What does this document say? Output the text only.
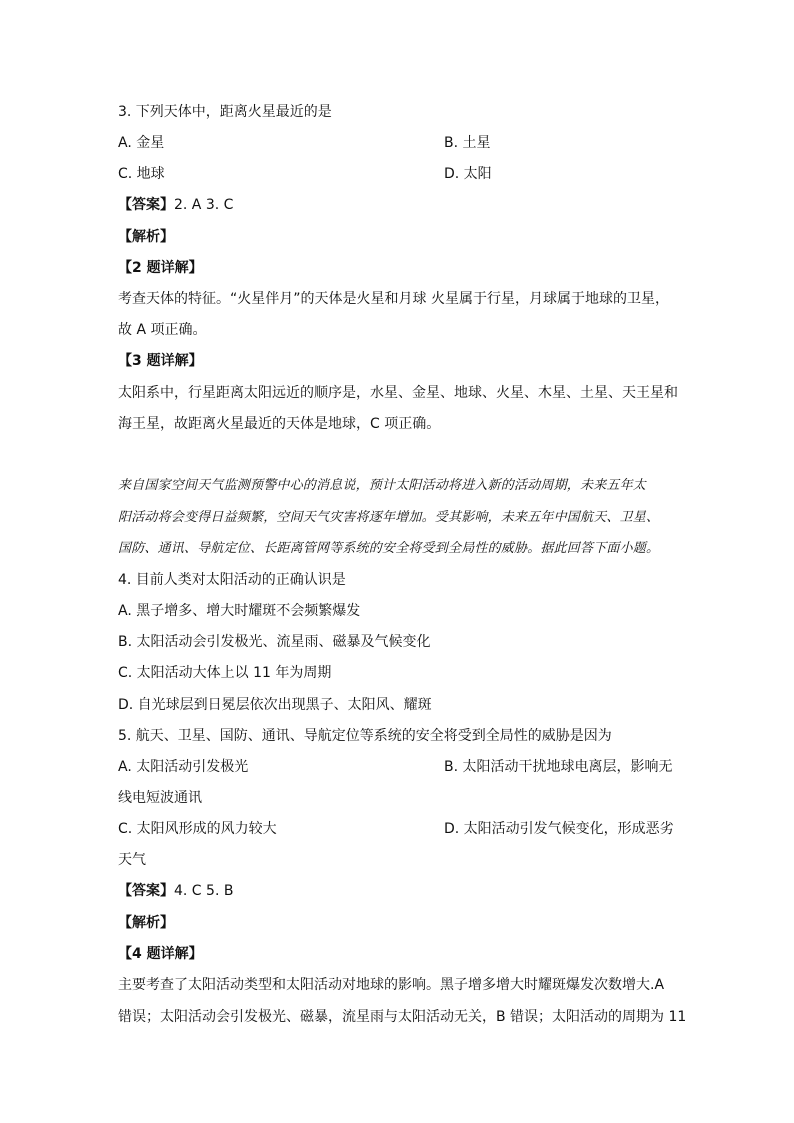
3. 下列天体中，距离火星最近的是
A. 金星	B. 土星
C. 地球	D. 太阳
【答案】2. A 3. C
【解析】
【2 题详解】
考查天体的特征。“火星伴月”的天体是火星和月球 火星属于行星，月球属于地球的卫星，
故 A 项正确。
【3 题详解】
太阳系中，行星距离太阳远近的顺序是，水星、金星、地球、火星、木星、土星、天王星和
海王星，故距离火星最近的天体是地球，C 项正确。
来自国家空间天气监测预警中心的消息说，预计太阳活动将进入新的活动周期，未来五年太
阳活动将会变得日益频繁，空间天气灾害将逐年增加。受其影响，未来五年中国航天、卫星、
国防、通讯、导航定位、长距离管网等系统的安全将受到全局性的威胁。据此回答下面小题。
4. 目前人类对太阳活动的正确认识是
A. 黑子增多、增大时耀斑不会频繁爆发
B. 太阳活动会引发极光、流星雨、磁暴及气候变化
C. 太阳活动大体上以 11 年为周期
D. 自光球层到日冕层依次出现黑子、太阳风、耀斑
5. 航天、卫星、国防、通讯、导航定位等系统的安全将受到全局性的威胁是因为
A. 太阳活动引发极光	B. 太阳活动干扰地球电离层，影响无
线电短波通讯
C. 太阳风形成的风力较大	D. 太阳活动引发气候变化，形成恶劣
天气
【答案】4. C 5. B
【解析】
【4 题详解】
主要考查了太阳活动类型和太阳活动对地球的影响。黑子增多增大时耀斑爆发次数增大.A
错误；太阳活动会引发极光、磁暴，流星雨与太阳活动无关，B 错误；太阳活动的周期为 11
